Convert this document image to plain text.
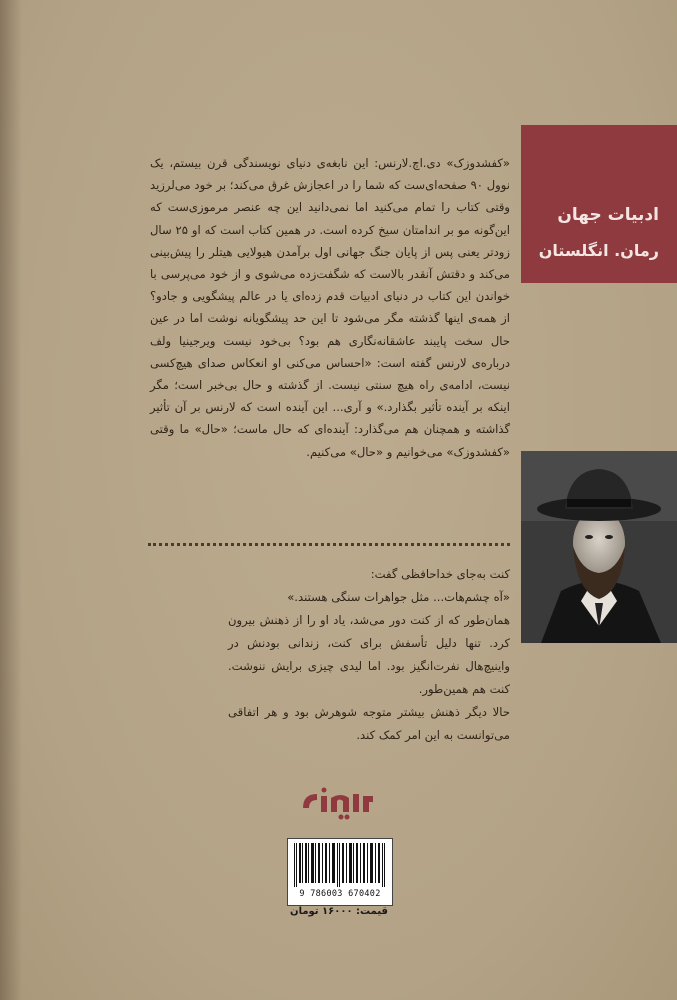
ادبیات جهان
رمان. انگلستان

«کفشدوزک» دی.اچ.لارنس: این نابغه‌ی دنیای نویسندگی قرن بیستم، یک نوول ۹۰ صفحه‌ای‌ست که شما را در اعجازش غرق می‌کند؛ بر خود می‌لرزید وقتی کتاب را تمام می‌کنید اما نمی‌دانید این چه عنصر مرموزی‌ست که این‌گونه مو بر اندامتان سیخ کرده است. در همین کتاب است که او ۲۵ سال زودتر یعنی پس از پایان جنگ جهانی اول برآمدن هیولایی هیتلر را پیش‌بینی می‌کند و دقتش آنقدر بالاست که شگفت‌زده می‌شوی و از خود می‌پرسی با خواندن این کتاب در دنیای ادبیات قدم زده‌ای یا در عالم پیشگویی و جادو؟ از همه‌ی اینها گذشته مگر می‌شود تا این حد پیشگویانه نوشت اما در عین حال سخت پایبند عاشقانه‌نگاری هم بود؟ بی‌خود نیست ویرجینیا ولف درباره‌ی لارنس گفته است: «احساس می‌کنی او انعکاس صدای هیچ‌کسی نیست، ادامه‌ی راه هیچ سنتی نیست. از گذشته و حال بی‌خبر است؛ مگر اینکه بر آینده تأثیر بگذارد.» و آری... این آینده است که لارنس بر آن تأثیر گذاشته و همچنان هم می‌گذارد: آینده‌ای که حال ماست؛ «حال» ما وقتی «کفشدوزک» می‌خوانیم و «حال» می‌کنیم.

کنت به‌جای خداحافظی گفت:

«آه چشم‌هات... مثل جواهرات سنگی هستند.»

همان‌طور که از کنت دور می‌شد، یاد او را از ذهنش بیرون کرد. تنها دلیل تأسفش برای کنت، زندانی بودنش در واینیچ‌هال نفرت‌انگیز بود. اما لیدی چیزی برایش ننوشت. کنت هم همین‌طور.

حالا دیگر ذهنش بیشتر متوجه شوهرش بود و هر اتفاقی می‌توانست به این امر کمک کند.

9 786003 670402
قیمت: ۱۶۰۰۰ تومان
